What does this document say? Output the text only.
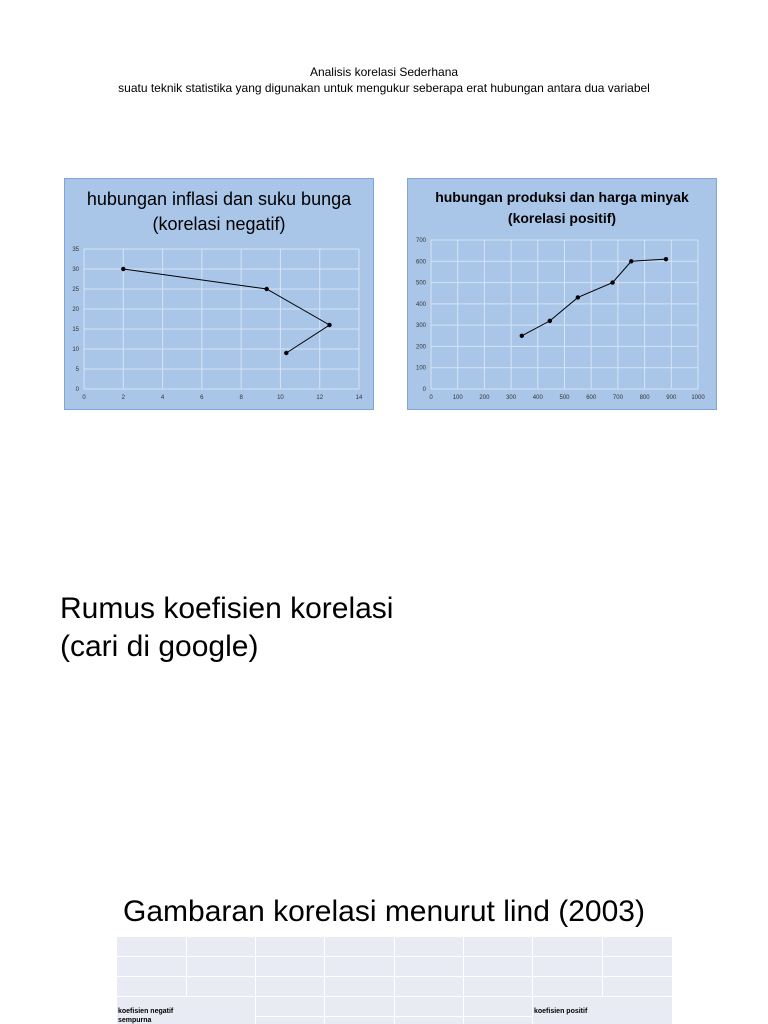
Analisis korelasi Sederhana
suatu teknik statistika yang digunakan untuk mengukur seberapa erat hubungan antara dua variabel
0
5
10
15
20
25
30
35
0	2	4	6	8	10	12	14
hubungan inflasi dan suku bunga (korelasi negatif)
0
100
200
300
400
500
600
700
0	100	200	300	400	500	600	700	800	900	1000
hubungan produksi dan harga minyak (korelasi positif)
Rumus koefisien korelasi
(cari di google)
Gambaran korelasi menurut lind (2003)

koefisien negatif
sempurna						koefisien positif	
